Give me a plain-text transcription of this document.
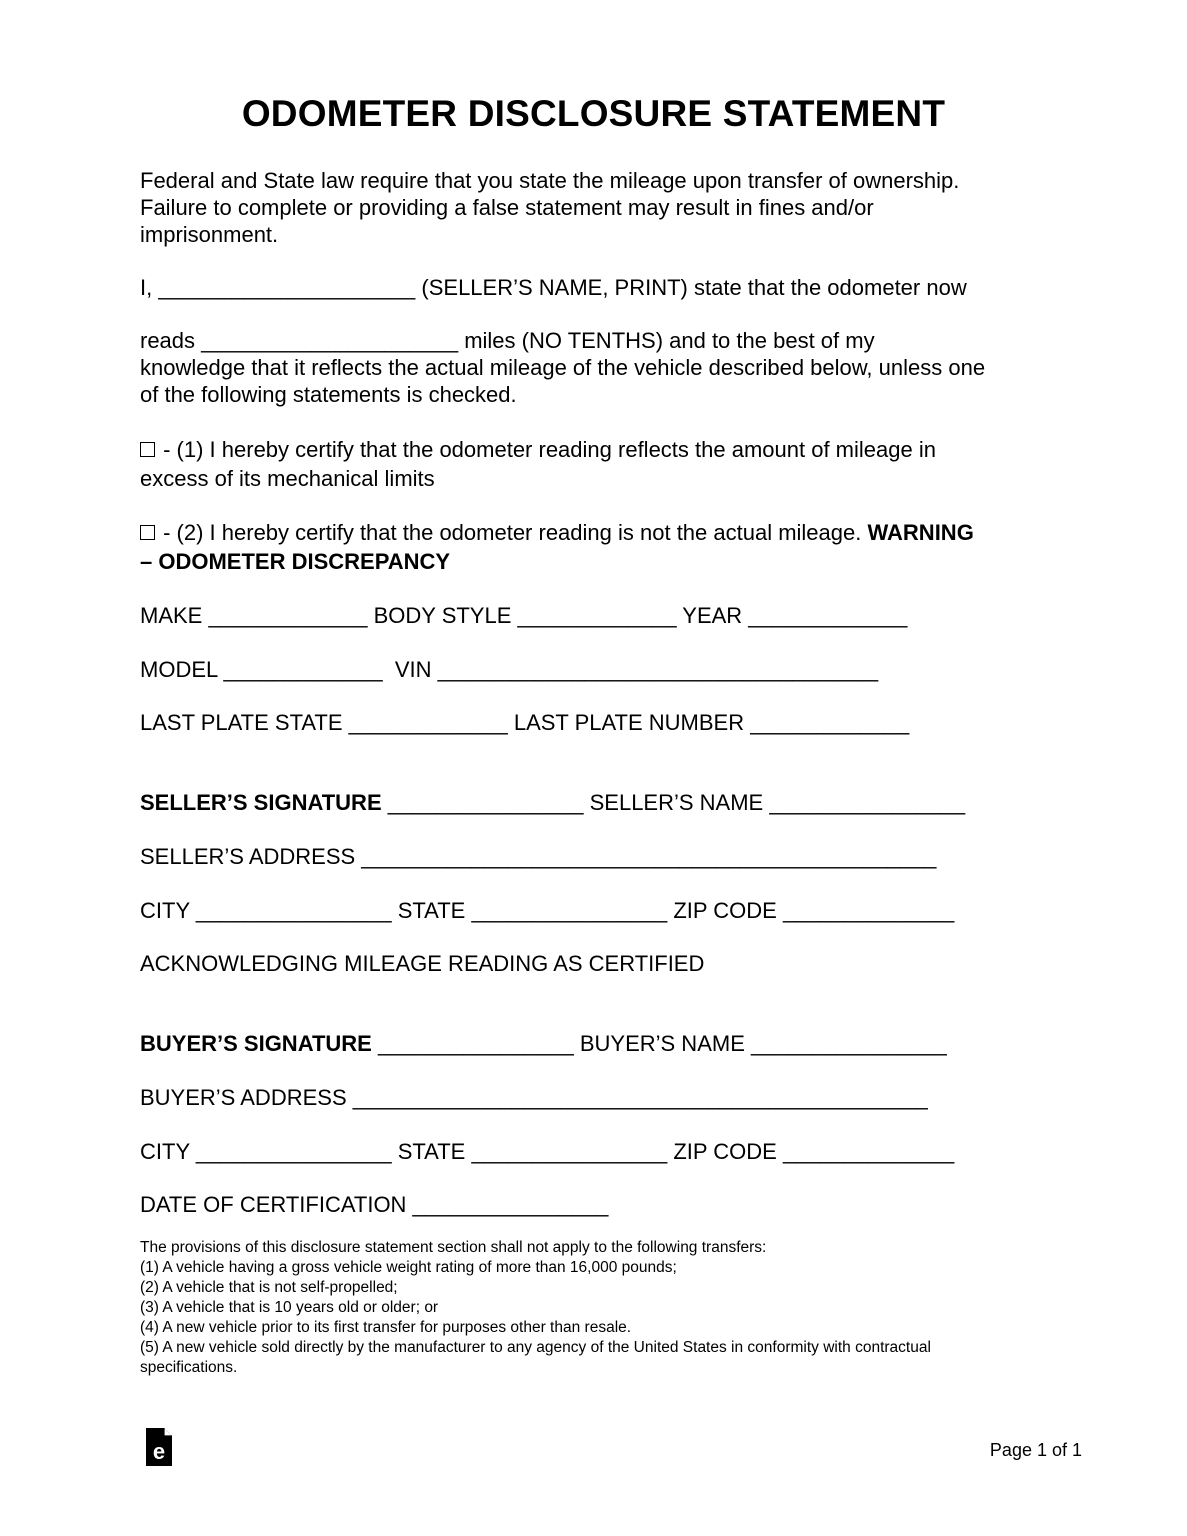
ODOMETER DISCLOSURE STATEMENT
Federal and State law require that you state the mileage upon transfer of ownership.
Failure to complete or providing a false statement may result in fines and/or
imprisonment.
I, _____________________ (SELLER’S NAME, PRINT) state that the odometer now
reads _____________________ miles (NO TENTHS) and to the best of my
knowledge that it reflects the actual mileage of the vehicle described below, unless one
of the following statements is checked.
- (1) I hereby certify that the odometer reading reflects the amount of mileage in
excess of its mechanical limits
- (2) I hereby certify that the odometer reading is not the actual mileage. WARNING
– ODOMETER DISCREPANCY
MAKE _____________ BODY STYLE _____________ YEAR _____________
MODEL _____________  VIN ____________________________________
LAST PLATE STATE _____________ LAST PLATE NUMBER _____________
SELLER’S SIGNATURE ________________ SELLER’S NAME ________________
SELLER’S ADDRESS _______________________________________________
CITY ________________ STATE ________________ ZIP CODE ______________
ACKNOWLEDGING MILEAGE READING AS CERTIFIED
BUYER’S SIGNATURE ________________ BUYER’S NAME ________________
BUYER’S ADDRESS _______________________________________________
CITY ________________ STATE ________________ ZIP CODE ______________
DATE OF CERTIFICATION ________________
The provisions of this disclosure statement section shall not apply to the following transfers:
(1) A vehicle having a gross vehicle weight rating of more than 16,000 pounds;
(2) A vehicle that is not self-propelled;
(3) A vehicle that is 10 years old or older; or
(4) A new vehicle prior to its first transfer for purposes other than resale.
(5) A new vehicle sold directly by the manufacturer to any agency of the United States in conformity with contractual
specifications.
e	Page 1 of 1
